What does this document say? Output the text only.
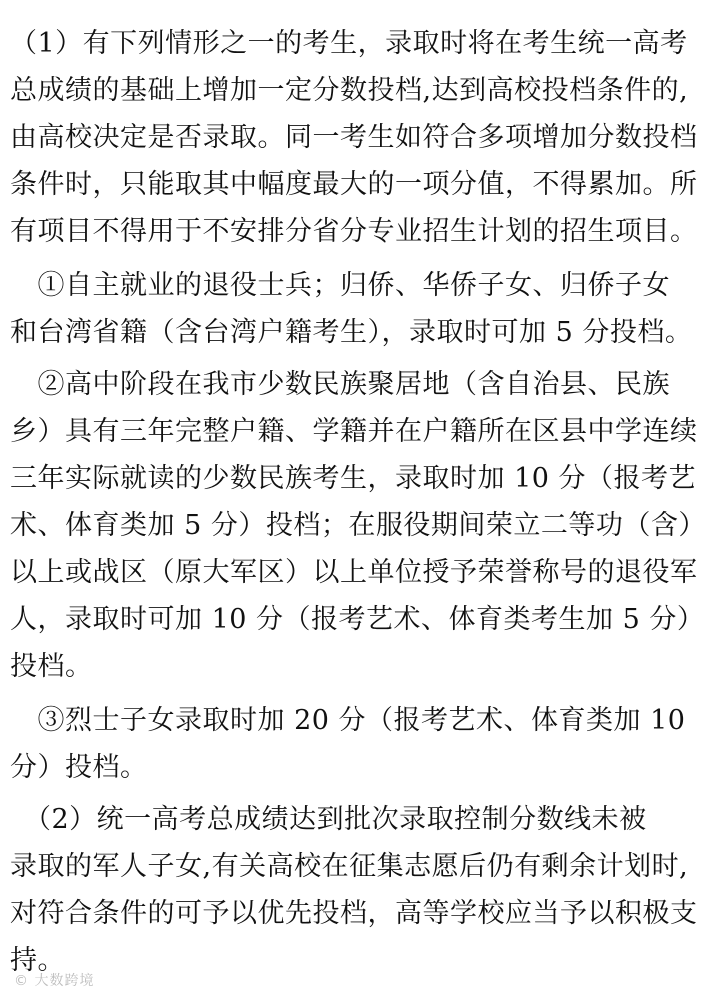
（1）有下列情形之一的考生，录取时将在考生统一高考
总成绩的基础上增加一定分数投档,达到高校投档条件的,
由高校决定是否录取。同一考生如符合多项增加分数投档
条件时，只能取其中幅度最大的一项分值，不得累加。所
有项目不得用于不安排分省分专业招生计划的招生项目。
　①自主就业的退役士兵；归侨、华侨子女、归侨子女
和台湾省籍（含台湾户籍考生），录取时可加 5 分投档。
　②高中阶段在我市少数民族聚居地（含自治县、民族
乡）具有三年完整户籍、学籍并在户籍所在区县中学连续
三年实际就读的少数民族考生，录取时加 10 分（报考艺
术、体育类加 5 分）投档；在服役期间荣立二等功（含）
以上或战区（原大军区）以上单位授予荣誉称号的退役军
人，录取时可加 10 分（报考艺术、体育类考生加 5 分）
投档。
　③烈士子女录取时加 20 分（报考艺术、体育类加 10
分）投档。
　（2）统一高考总成绩达到批次录取控制分数线未被
录取的军人子女,有关高校在征集志愿后仍有剩余计划时,
对符合条件的可予以优先投档，高等学校应当予以积极支
持。
© 大数跨境
